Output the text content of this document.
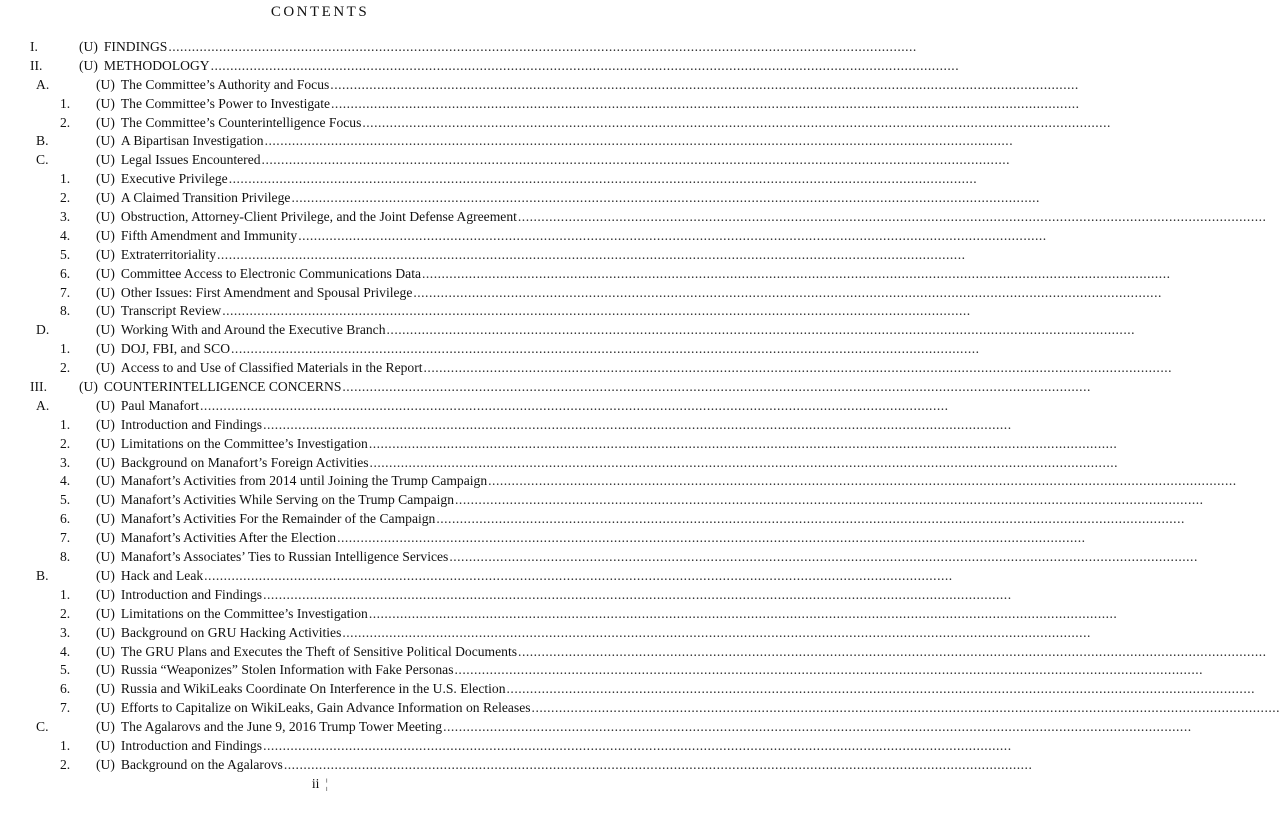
CONTENTS
I.	(U) FINDINGS ................................................................................................................................................................................................
II.	(U) METHODOLOGY ................................................................................................................................................................................................
A.	(U) The Committee’s Authority and Focus ................................................................................................................................................................................................
1. (U) The Committee’s Power to Investigate ................................................................................................................................................................................................
2. (U) The Committee’s Counterintelligence Focus ................................................................................................................................................................................................
B.	(U) A Bipartisan Investigation ................................................................................................................................................................................................
C.	(U) Legal Issues Encountered ................................................................................................................................................................................................
1. (U) Executive Privilege ................................................................................................................................................................................................
2. (U) A Claimed Transition Privilege ................................................................................................................................................................................................
3. (U) Obstruction, Attorney-Client Privilege, and the Joint Defense Agreement ................................................................................................................................................................................................
4. (U) Fifth Amendment and Immunity ................................................................................................................................................................................................
5. (U) Extraterritoriality ................................................................................................................................................................................................
6. (U) Committee Access to Electronic Communications Data ................................................................................................................................................................................................
7. (U) Other Issues: First Amendment and Spousal Privilege ................................................................................................................................................................................................
8. (U) Transcript Review ................................................................................................................................................................................................
D.	(U) Working With and Around the Executive Branch ................................................................................................................................................................................................
1. (U) DOJ, FBI, and SCO ................................................................................................................................................................................................
2. (U) Access to and Use of Classified Materials in the Report ................................................................................................................................................................................................
III. (U) COUNTERINTELLIGENCE CONCERNS ................................................................................................................................................................................................
A.	(U) Paul Manafort ................................................................................................................................................................................................
1. (U) Introduction and Findings ................................................................................................................................................................................................
2. (U) Limitations on the Committee’s Investigation ................................................................................................................................................................................................
3. (U) Background on Manafort’s Foreign Activities ................................................................................................................................................................................................
4. (U) Manafort’s Activities from 2014 until Joining the Trump Campaign ................................................................................................................................................................................................
5. (U) Manafort’s Activities While Serving on the Trump Campaign ................................................................................................................................................................................................
6. (U) Manafort’s Activities For the Remainder of the Campaign ................................................................................................................................................................................................
7. (U) Manafort’s Activities After the Election ................................................................................................................................................................................................
8. (U) Manafort’s Associates’ Ties to Russian Intelligence Services ................................................................................................................................................................................................
B.	(U) Hack and Leak ................................................................................................................................................................................................
1. (U) Introduction and Findings ................................................................................................................................................................................................
2. (U) Limitations on the Committee’s Investigation ................................................................................................................................................................................................
3. (U) Background on GRU Hacking Activities ................................................................................................................................................................................................
4. (U) The GRU Plans and Executes the Theft of Sensitive Political Documents ................................................................................................................................................................................................
5. (U) Russia “Weaponizes” Stolen Information with Fake Personas ................................................................................................................................................................................................
6. (U) Russia and WikiLeaks Coordinate On Interference in the U.S. Election ................................................................................................................................................................................................
7. (U) Efforts to Capitalize on WikiLeaks, Gain Advance Information on Releases ................................................................................................................................................................................................
C.	(U) The Agalarovs and the June 9, 2016 Trump Tower Meeting ................................................................................................................................................................................................
1. (U) Introduction and Findings ................................................................................................................................................................................................
2. (U) Background on the Agalarovs ................................................................................................................................................................................................
ii ¦
